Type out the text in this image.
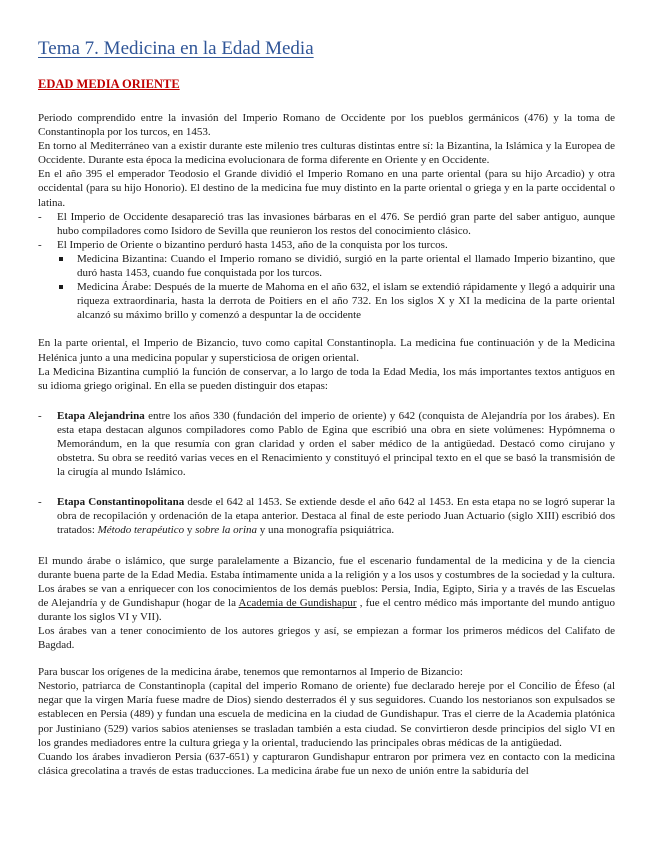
Tema 7. Medicina en la Edad Media
EDAD MEDIA ORIENTE

Periodo comprendido entre la invasión del Imperio Romano de Occidente por los pueblos germánicos (476) y la toma de Constantinopla por los turcos, en 1453.

En torno al Mediterráneo van a existir durante este milenio tres culturas distintas entre sí: la Bizantina, la Islámica y la Europea de Occidente. Durante esta época la medicina evolucionara de forma diferente en Oriente y en Occidente.

En el año 395 el emperador Teodosio el Grande dividió el Imperio Romano en una parte oriental (para su hijo Arcadio) y otra occidental (para su hijo Honorio). El destino de la medicina fue muy distinto en la parte oriental o griega y en la parte occidental o latina.

- El Imperio de Occidente desapareció tras las invasiones bárbaras en el 476. Se perdió gran parte del saber antiguo, aunque hubo compiladores como Isidoro de Sevilla que reunieron los restos del conocimiento clásico.
- El Imperio de Oriente o bizantino perduró hasta 1453, año de la conquista por los turcos.
Medicina Bizantina: Cuando el Imperio romano se dividió, surgió en la parte oriental el llamado Imperio bizantino, que duró hasta 1453, cuando fue conquistada por los turcos.
Medicina Árabe: Después de la muerte de Mahoma en el año 632, el islam se extendió rápidamente y llegó a adquirir una riqueza extraordinaria, hasta la derrota de Poitiers en el año 732. En los siglos X y XI la medicina de la parte oriental alcanzó su máximo brillo y comenzó a despuntar la de occidente

En la parte oriental, el Imperio de Bizancio, tuvo como capital Constantinopla. La medicina fue continuación y de la Medicina Helénica junto a una medicina popular y supersticiosa de origen oriental.

La Medicina Bizantina cumplió la función de conservar, a lo largo de toda la Edad Media, los más importantes textos antiguos en su idioma griego original. En ella se pueden distinguir dos etapas:

- Etapa Alejandrina entre los años 330 (fundación del imperio de oriente) y 642 (conquista de Alejandría por los árabes). En esta etapa destacan algunos compiladores como Pablo de Egina que escribió una obra en siete volúmenes: Hypómnema o Memorándum, en la que resumía con gran claridad y orden el saber médico de la antigüedad. Destacó como cirujano y obstetra. Su obra se reeditó varias veces en el Renacimiento y constituyó el principal texto en el que se basó la transmisión de la cirugía al mundo Islámico.
- Etapa Constantinopolitana desde el 642 al 1453. Se extiende desde el año 642 al 1453. En esta etapa no se logró superar la obra de recopilación y ordenación de la etapa anterior. Destaca al final de este periodo Juan Actuario (siglo XIII) escribió dos tratados: Método terapéutico y sobre la orina y una monografía psiquiátrica.

El mundo árabe o islámico, que surge paralelamente a Bizancio, fue el escenario fundamental de la medicina y de la ciencia durante buena parte de la Edad Media. Estaba íntimamente unida a la religión y a los usos y costumbres de la sociedad y la cultura. Los árabes se van a enriquecer con los conocimientos de los demás pueblos: Persia, India, Egipto, Siria y a través de las Escuelas de Alejandría y de Gundishapur (hogar de la Academia de Gundishapur , fue el centro médico más importante del mundo antiguo durante los siglos VI y VII).

Los árabes van a tener conocimiento de los autores griegos y así, se empiezan a formar los primeros médicos del Califato de Bagdad.

Para buscar los orígenes de la medicina árabe, tenemos que remontarnos al Imperio de Bizancio:

Nestorio, patriarca de Constantinopla (capital del imperio Romano de oriente) fue declarado hereje por el Concilio de Éfeso (al negar que la virgen María fuese madre de Dios) siendo desterrados él y sus seguidores. Cuando los nestorianos son expulsados se establecen en Persia (489) y fundan una escuela de medicina en la ciudad de Gundishapur. Tras el cierre de la Academia platónica por Justiniano (529) varios sabios atenienses se trasladan también a esta ciudad. Se convirtieron desde principios del siglo VI en los grandes mediadores entre la cultura griega y la oriental, traduciendo las principales obras médicas de la antigüedad.

Cuando los árabes invadieron Persia (637-651) y capturaron Gundishapur entraron por primera vez en contacto con la medicina clásica grecolatina a través de estas traducciones. La medicina árabe fue un nexo de unión entre la sabiduría del
